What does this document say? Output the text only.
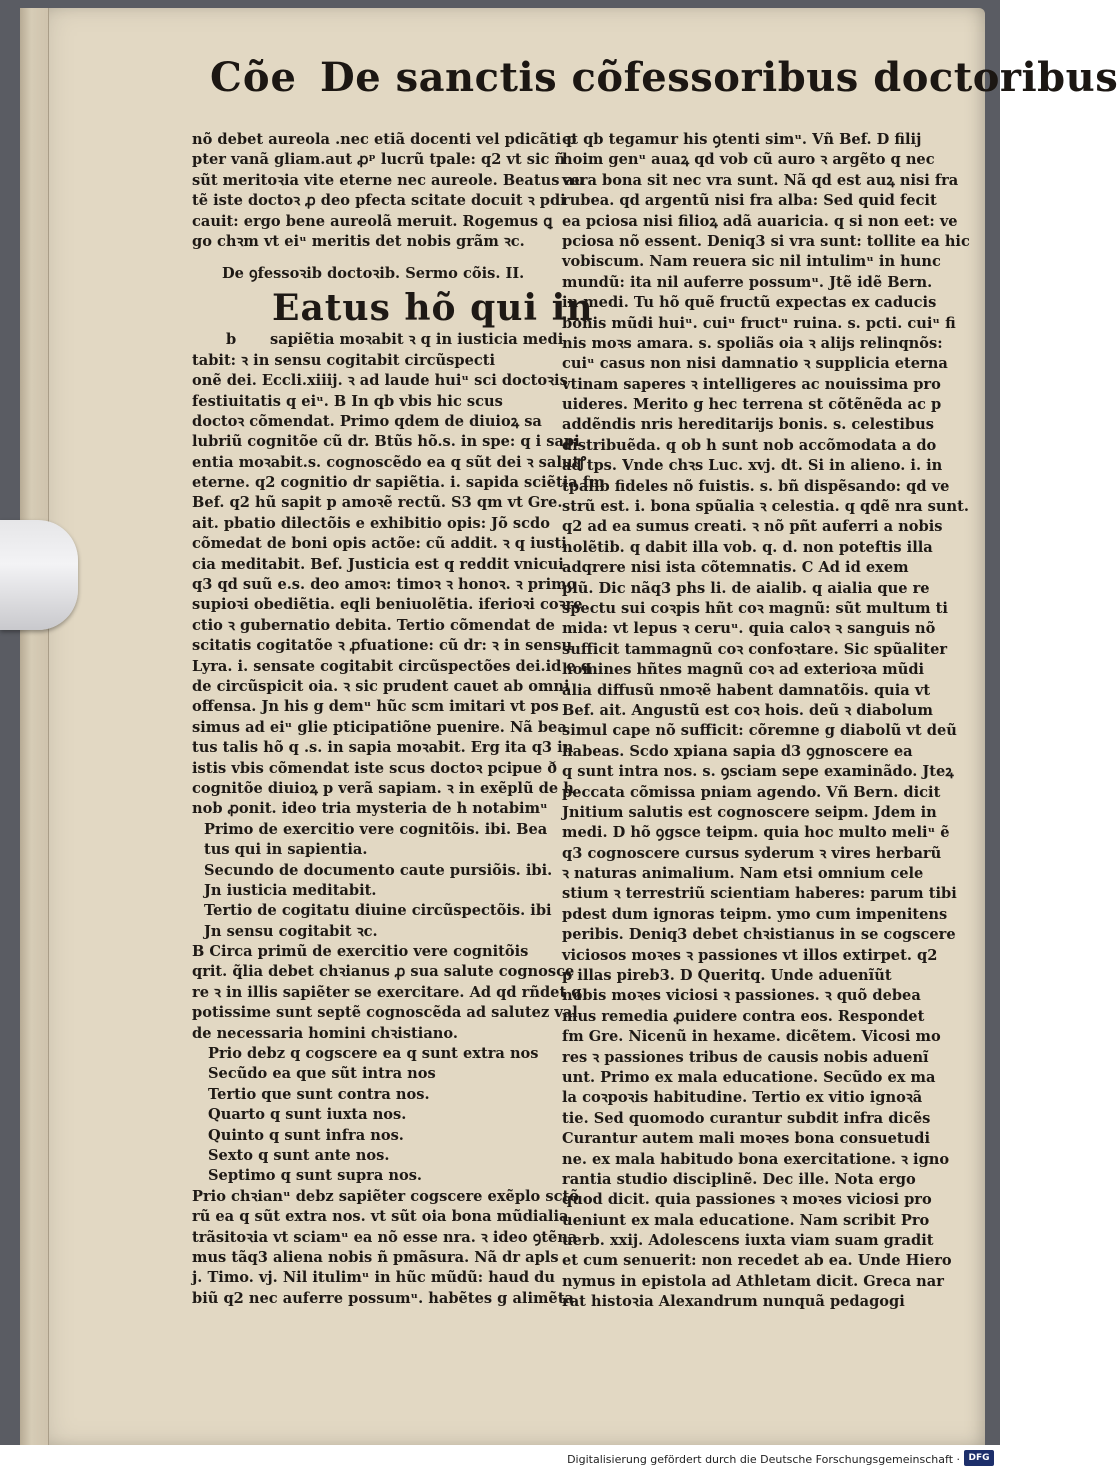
Cõe De sanctis cõfessoribus doctoribus
nõ debet aureola .nec etiã docenti vel pdicãti p
pter vanã gliam.aut ꝓᵖ lucrũ tpale: q2 vt sic ñ
sũt meritoꝛia vite eterne nec aureole. Beatus au
tẽ iste doctoꝛ ꝓ deo pfecta scitate docuit ꝛ pdi
cauit: ergo bene aureolã meruit. Rogemus ꝗ
go chꝛm vt eiᵘ meritis det nobis grãm ꝛc.
De ꝯfessoꝛib doctoꝛib. Sermo cõis. II.
Eatus hõ qui in
b sapiẽtia moꝛabit ꝛ q in iusticia medi
tabit: ꝛ in sensu cogitabit circũspecti
onẽ dei. Eccli.xiiij. ꝛ ad laude huiᵘ sci doctoꝛis
festiuitatis q eiᵘ. B In qb vbis hic scus
doctoꝛ cõmendat. Primo qdem de diuioꝝ sa
lubriũ cognitõe cũ dr. Btũs hõ.s. in spe: q i sapi
entia moꝛabit.s. cognoscẽdo ea q sũt dei ꝛ salutꝭ
eterne. q2 cognitio dr sapiẽtia. i. sapida sciẽtia fm
Bef. q2 hũ sapit p amoꝛẽ rectũ. S3 qm vt Gre.
ait. pbatio dilectõis e exhibitio opis: Jõ scdo
cõmedat de boni opis actõe: cũ addit. ꝛ q iusti
cia meditabit. Bef. Justicia est q reddit vnicui
q3 qd suũ e.s. deo amoꝛ: timoꝛ ꝛ honoꝛ. ꝛ primo
supioꝛi obediẽtia. eqli beniuolẽtia. iferioꝛi coꝛre
ctio ꝛ gubernatio debita. Tertio cõmendat de
scitatis cogitatõe ꝛ ꝓfuatione: cũ dr: ꝛ in sensu
Lyra. i. sensate cogitabit circũspectões dei.id e q
de circũspicit oia. ꝛ sic prudent cauet ab omni
offensa. Jn his g demᵘ hũc scm imitari vt pos
simus ad eiᵘ glie pticipatiõne puenire. Nã bea
tus talis hõ q .s. in sapia moꝛabit. Erg ita q3 in
istis vbis cõmendat iste scus doctoꝛ pcipue ð
cognitõe diuioꝝ p verã sapiam. ꝛ in exẽplũ de h
nob ꝓonit. ideo tria mysteria de h notabimᵘ
Primo de exercitio vere cognitõis. ibi. Bea
tus qui in sapientia.
Secundo de documento caute pursiõis. ibi.
Jn iusticia meditabit.
Tertio de cogitatu diuine circũspectõis. ibi
Jn sensu cogitabit ꝛc.
B Circa primũ de exercitio vere cognitõis
qrit. q̃lia debet chꝛianus ꝓ sua salute cognosce
re ꝛ in illis sapiẽter se exercitare. Ad qd rñdet q
potissime sunt septẽ cognoscẽda ad salutez val
de necessaria homini chꝛistiano.
Prio debz q cogscere ea q sunt extra nos
Secũdo ea que sũt intra nos
Tertio que sunt contra nos.
Quarto q sunt iuxta nos.
Quinto q sunt infra nos.
Sexto q sunt ante nos.
Septimo q sunt supra nos.
Prio chꝛianᵘ debz sapiẽter cogscere exẽplo sctõ
rũ ea q sũt extra nos. vt sũt oia bona mũdialia
trãsitoꝛia vt sciamᵘ ea nõ esse nra. ꝛ ideo ꝯtẽna
mus tãq3 aliena nobis ñ pmãsura. Nã dr apls
j. Timo. vj. Nil itulimᵘ in hũc mũdũ: haud du
biũ q2 nec auferre possumᵘ. habẽtes g alimẽta
et qb tegamur his ꝯtenti simᵘ. Vñ Bef. D filij
hoim genᵘ auaꝝ qd vob cũ auro ꝛ argẽto q nec
vera bona sit nec vra sunt. Nã qd est auꝝ nisi fra
rubea. qd argentũ nisi fra alba: Sed quid fecit
ea pciosa nisi filioꝝ adã auaricia. q si non eet: ve
pciosa nõ essent. Deniq3 si vra sunt: tollite ea hic
vobiscum. Nam reuera sic nil intulimᵘ in hunc
mundũ: ita nil auferre possumᵘ. Jtẽ idẽ Bern.
in medi. Tu hõ quẽ fructũ expectas ex caducis
bonis mũdi huiᵘ. cuiᵘ fructᵘ ruina. s. pcti. cuiᵘ fi
nis moꝛs amara. s. spoliãs oia ꝛ alijs relinqnõs:
cuiᵘ casus non nisi damnatio ꝛ supplicia eterna
vtinam saperes ꝛ intelligeres ac nouissima pro
uideres. Merito g hec terrena st cõtẽnẽda ac p
addẽndis nris hereditarijs bonis. s. celestibus
distribuẽda. q ob h sunt nob accõmodata a do
ad tps. Vnde chꝛs Luc. xvj. dt. Si in alieno. i. in
tpalib fideles nõ fuistis. s. bñ dispẽsando: qd ve
strũ est. i. bona spũalia ꝛ celestia. q qdẽ nra sunt.
q2 ad ea sumus creati. ꝛ nõ pñt auferri a nobis
nolẽtib. q dabit illa vob. q. d. non poteftis illa
adqrere nisi ista cõtemnatis. C Ad id exem
plũ. Dic nãq3 phs li. de aialib. q aialia que re
spectu sui coꝛpis hñt coꝛ magnũ: sũt multum ti
mida: vt lepus ꝛ ceruᵘ. quia caloꝛ ꝛ sanguis nõ
sufficit tammagnũ coꝛ confoꝛtare. Sic spũaliter
homines hñtes magnũ coꝛ ad exterioꝛa mũdi
alia diffusũ nmoꝛẽ habent damnatõis. quia vt
Bef. ait. Angustũ est coꝛ hois. deũ ꝛ diabolum
simul cape nõ sufficit: cõremne g diabolũ vt deũ
habeas. Scdo xpiana sapia d3 ꝯgnoscere ea
q sunt intra nos. s. ꝯsciam sepe examinãdo. Jteꝝ
peccata cõmissa pniam agendo. Vñ Bern. dicit
Jnitium salutis est cognoscere seipm. Jdem in
medi. D hõ ꝯgsce teipm. quia hoc multo meliᵘ ẽ
q3 cognoscere cursus syderum ꝛ vires herbarũ
ꝛ naturas animalium. Nam etsi omnium cele
stium ꝛ terrestriũ scientiam haberes: parum tibi
pdest dum ignoras teipm. ymo cum impenitens
peribis. Deniq3 debet chꝛistianus in se cogscere
viciosos moꝛes ꝛ passiones vt illos extirpet. q2
p illas pireb3. D Queritq. Unde aduenĩũt
nobis moꝛes viciosi ꝛ passiones. ꝛ quõ debea
mus remedia ꝓuidere contra eos. Respondet
fm Gre. Nicenũ in hexame. dicẽtem. Vicosi mo
res ꝛ passiones tribus de causis nobis aduenĩ
unt. Primo ex mala educatione. Secũdo ex ma
la coꝛpoꝛis habitudine. Tertio ex vitio ignoꝛã
tie. Sed quomodo curantur subdit infra dicẽs
Curantur autem mali moꝛes bona consuetudi
ne. ex mala habitudo bona exercitatione. ꝛ igno
rantia studio disciplinẽ. Dec ille. Nota ergo
quod dicit. quia passiones ꝛ moꝛes viciosi pro
ueniunt ex mala educatione. Nam scribit Pro
uerb. xxij. Adolescens iuxta viam suam gradit
et cum senuerit: non recedet ab ea. Unde Hiero
nymus in epistola ad Athletam dicit. Greca nar
rat histoꝛia Alexandrum nunquã pedagogi
Digitalisierung gefördert durch die Deutsche Forschungsgemeinschaft · DFG
